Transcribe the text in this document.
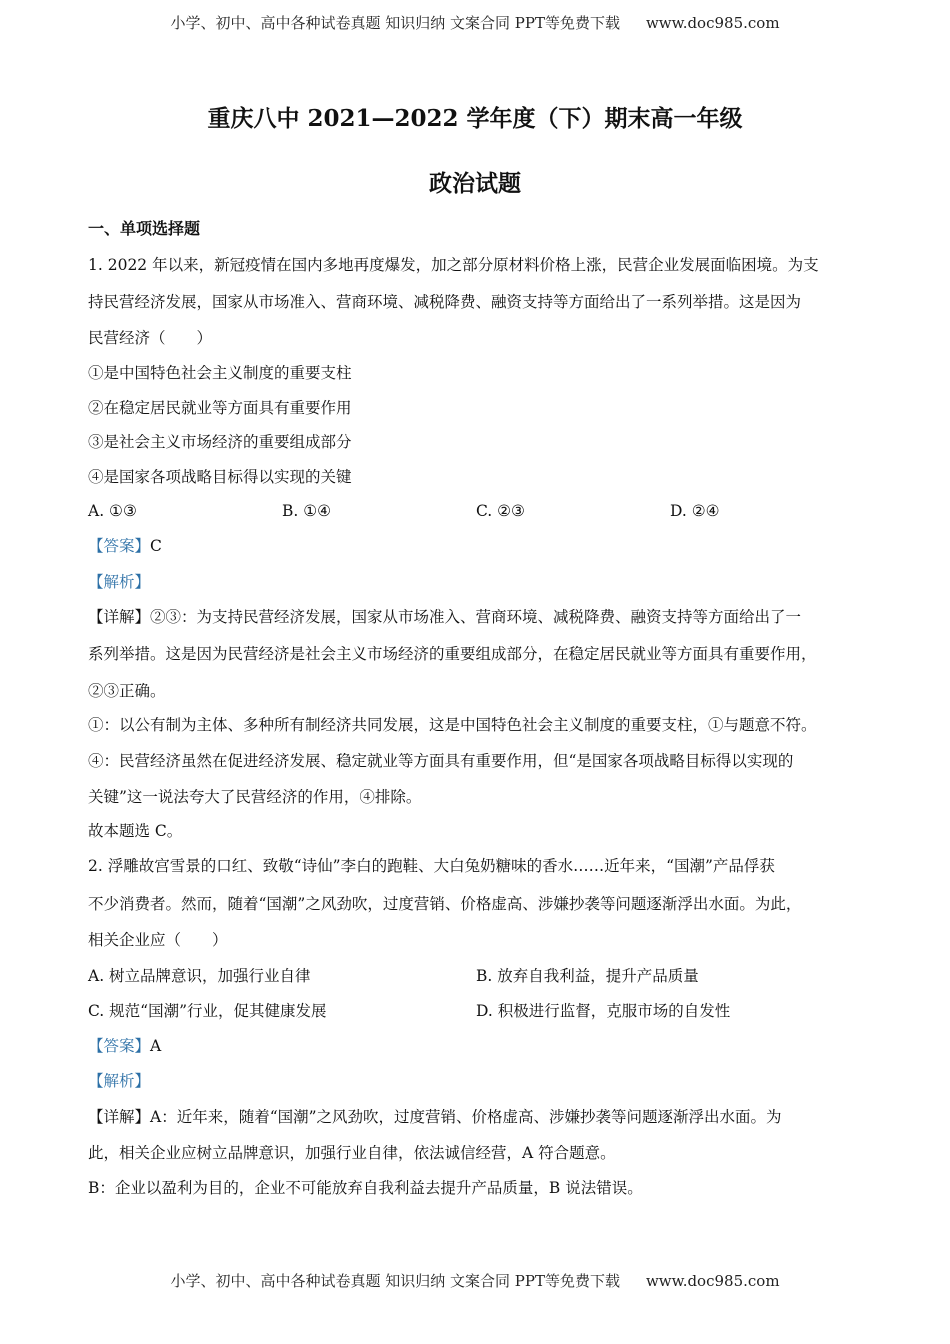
小学、初中、高中各种试卷真题 知识归纳 文案合同 PPT等免费下载 www.doc985.com
重庆八中 2021—2022 学年度（下）期末高一年级
政治试题
一、单项选择题
1. 2022 年以来，新冠疫情在国内多地再度爆发，加之部分原材料价格上涨，民营企业发展面临困境。为支
持民营经济发展，国家从市场准入、营商环境、减税降费、融资支持等方面给出了一系列举措。这是因为
民营经济（　　）
①是中国特色社会主义制度的重要支柱
②在稳定居民就业等方面具有重要作用
③是社会主义市场经济的重要组成部分
④是国家各项战略目标得以实现的关键
A. ①③	B. ①④	C. ②③	D. ②④
【答案】C
【解析】
【详解】②③：为支持民营经济发展，国家从市场准入、营商环境、减税降费、融资支持等方面给出了一
系列举措。这是因为民营经济是社会主义市场经济的重要组成部分，在稳定居民就业等方面具有重要作用，
②③正确。
①：以公有制为主体、多种所有制经济共同发展，这是中国特色社会主义制度的重要支柱，①与题意不符。
④：民营经济虽然在促进经济发展、稳定就业等方面具有重要作用，但“是国家各项战略目标得以实现的
关键”这一说法夸大了民营经济的作用，④排除。
故本题选 C。
2. 浮雕故宫雪景的口红、致敬“诗仙”李白的跑鞋、大白兔奶糖味的香水……近年来，“国潮”产品俘获
不少消费者。然而，随着“国潮”之风劲吹，过度营销、价格虚高、涉嫌抄袭等问题逐渐浮出水面。为此，
相关企业应（　　）
A. 树立品牌意识，加强行业自律	B. 放弃自我利益，提升产品质量
C. 规范“国潮”行业，促其健康发展	D. 积极进行监督，克服市场的自发性
【答案】A
【解析】
【详解】A：近年来，随着“国潮”之风劲吹，过度营销、价格虚高、涉嫌抄袭等问题逐渐浮出水面。为
此，相关企业应树立品牌意识，加强行业自律，依法诚信经营，A 符合题意。
B：企业以盈利为目的，企业不可能放弃自我利益去提升产品质量，B 说法错误。
小学、初中、高中各种试卷真题 知识归纳 文案合同 PPT等免费下载 www.doc985.com
